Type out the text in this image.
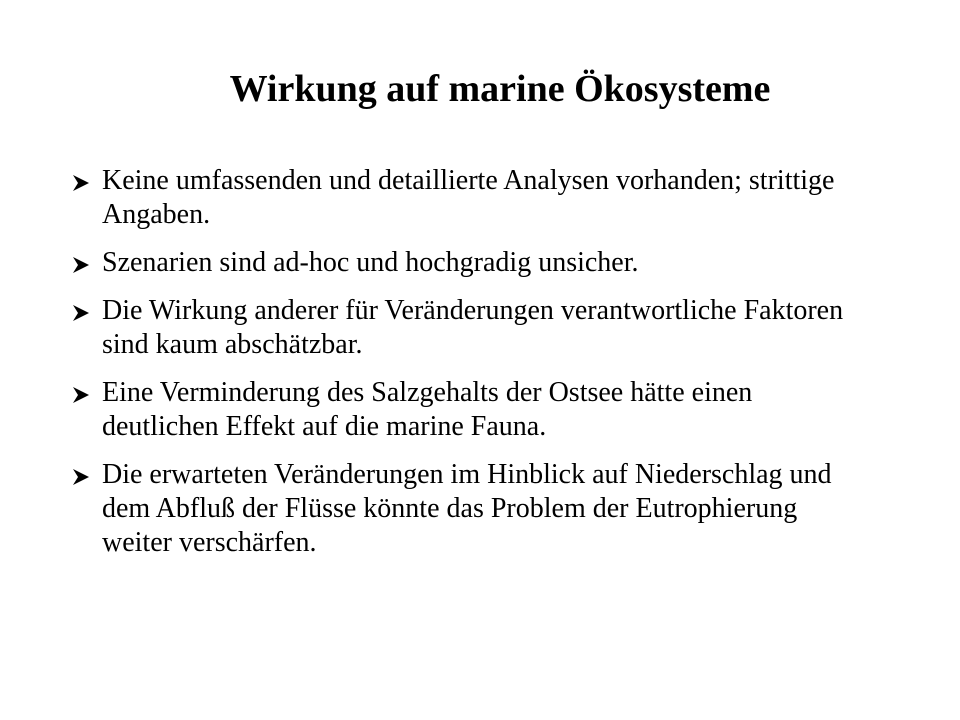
Wirkung auf marine Ökosysteme
Keine umfassenden und detaillierte Analysen vorhanden; strittige Angaben.
Szenarien sind ad-hoc und hochgradig unsicher.
Die Wirkung anderer für Veränderungen verantwortliche Faktoren sind kaum abschätzbar.
Eine Verminderung des Salzgehalts der Ostsee hätte einen deutlichen Effekt auf die marine Fauna.
Die erwarteten Veränderungen im Hinblick auf Niederschlag und dem Abfluß der Flüsse könnte das Problem der Eutrophierung weiter verschärfen.
